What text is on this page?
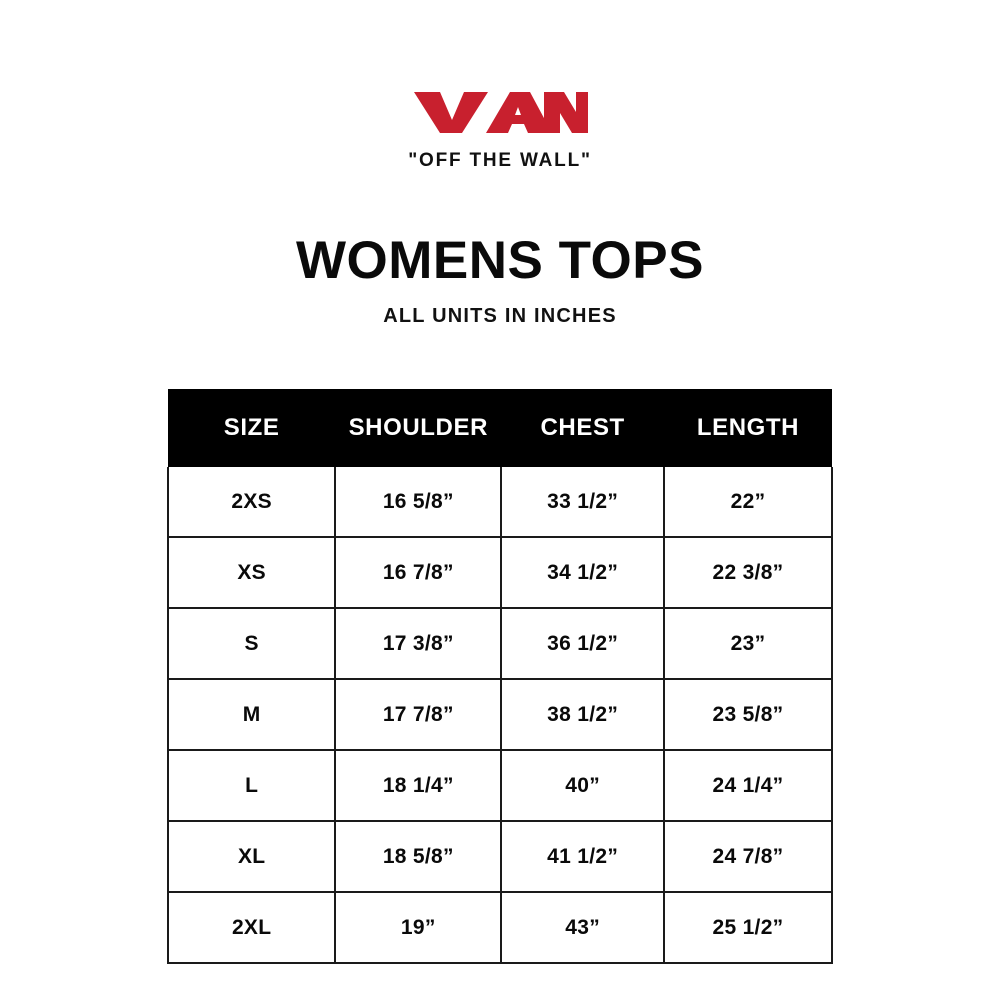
®
"OFF THE WALL"
WOMENS TOPS
ALL UNITS IN INCHES
SIZE	SHOULDER	CHEST	LENGTH
2XS	16 5/8”	33 1/2”	22”
XS	16 7/8”	34 1/2”	22 3/8”
S	17 3/8”	36 1/2”	23”
M	17 7/8”	38 1/2”	23 5/8”
L	18 1/4”	40”	24 1/4”
XL	18 5/8”	41 1/2”	24 7/8”
2XL	19”	43”	25 1/2”
